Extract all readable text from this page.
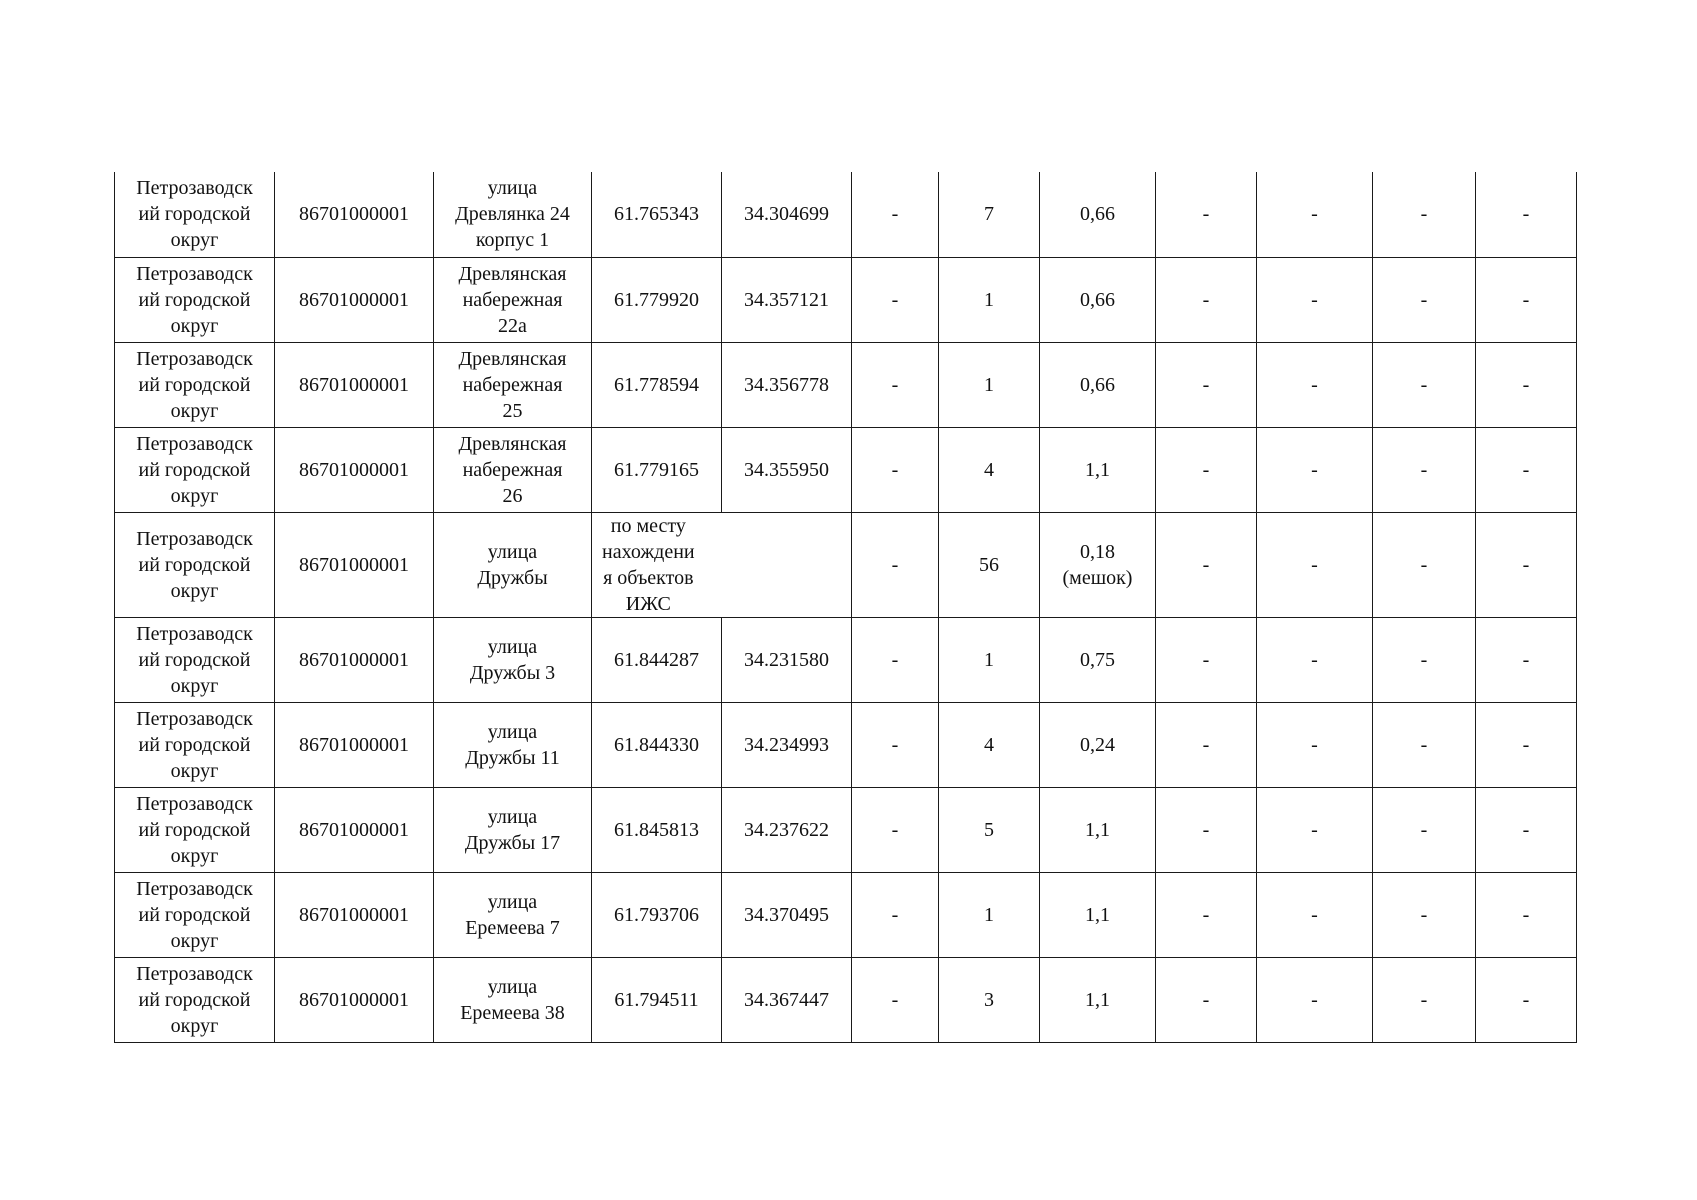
Петрозаводск
ий городской
округ	86701000001	улица
Древлянка 24
корпус 1	61.765343	34.304699	-	7	0,66	-	-	-	-
Петрозаводск
ий городской
округ	86701000001	Древлянская
набережная
22а	61.779920	34.357121	-	1	0,66	-	-	-	-
Петрозаводск
ий городской
округ	86701000001	Древлянская
набережная
25	61.778594	34.356778	-	1	0,66	-	-	-	-
Петрозаводск
ий городской
округ	86701000001	Древлянская
набережная
26	61.779165	34.355950	-	4	1,1	-	-	-	-
Петрозаводск
ий городской
округ	86701000001	улица
Дружбы	по месту
нахождени
я объектов
ИЖС		-	56	0,18
(мешок)	-	-	-	-
Петрозаводск
ий городской
округ	86701000001	улица
Дружбы 3	61.844287	34.231580	-	1	0,75	-	-	-	-
Петрозаводск
ий городской
округ	86701000001	улица
Дружбы 11	61.844330	34.234993	-	4	0,24	-	-	-	-
Петрозаводск
ий городской
округ	86701000001	улица
Дружбы 17	61.845813	34.237622	-	5	1,1	-	-	-	-
Петрозаводск
ий городской
округ	86701000001	улица
Еремеева 7	61.793706	34.370495	-	1	1,1	-	-	-	-
Петрозаводск
ий городской
округ	86701000001	улица
Еремеева 38	61.794511	34.367447	-	3	1,1	-	-	-	-
